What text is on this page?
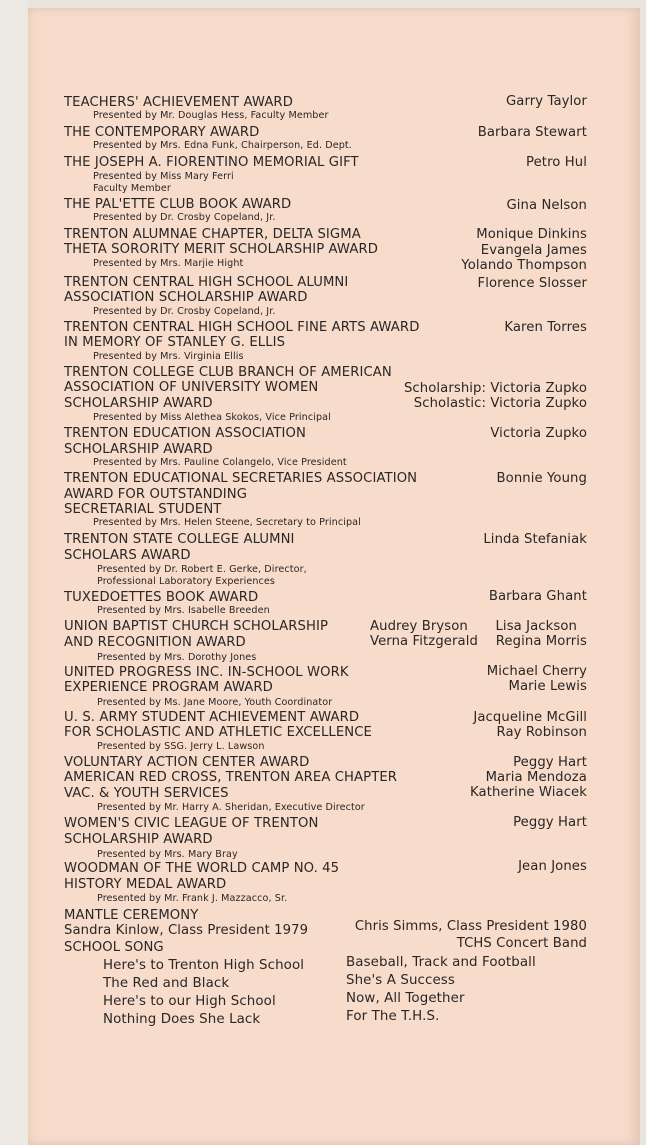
TEACHERS' ACHIEVEMENT AWARD
Presented by Mr. Douglas Hess, Faculty Member
Garry Taylor
THE CONTEMPORARY AWARD
Presented by Mrs. Edna Funk, Chairperson, Ed. Dept.
Barbara Stewart
THE JOSEPH A. FIORENTINO MEMORIAL GIFT
Presented by Miss Mary Ferri
Faculty Member
Petro Hul
THE PAL'ETTE CLUB BOOK AWARD
Presented by Dr. Crosby Copeland, Jr.
Gina Nelson
TRENTON ALUMNAE CHAPTER, DELTA SIGMA
THETA SORORITY MERIT SCHOLARSHIP AWARD
Presented by Mrs. Marjie Hight
Monique Dinkins
Evangela James
Yolando Thompson
TRENTON CENTRAL HIGH SCHOOL ALUMNI
ASSOCIATION SCHOLARSHIP AWARD
Presented by Dr. Crosby Copeland, Jr.
Florence Slosser
TRENTON CENTRAL HIGH SCHOOL FINE ARTS AWARD
IN MEMORY OF STANLEY G. ELLIS
Presented by Mrs. Virginia Ellis
Karen Torres
TRENTON COLLEGE CLUB BRANCH OF AMERICAN
ASSOCIATION OF UNIVERSITY WOMEN
SCHOLARSHIP AWARD
Presented by Miss Alethea Skokos, Vice Principal
Scholarship: Victoria Zupko
Scholastic: Victoria Zupko
TRENTON EDUCATION ASSOCIATION
SCHOLARSHIP AWARD
Presented by Mrs. Pauline Colangelo, Vice President
Victoria Zupko
TRENTON EDUCATIONAL SECRETARIES ASSOCIATION
AWARD FOR OUTSTANDING
SECRETARIAL STUDENT
Presented by Mrs. Helen Steene, Secretary to Principal
Bonnie Young
TRENTON STATE COLLEGE ALUMNI
SCHOLARS AWARD
Presented by Dr. Robert E. Gerke, Director,
Professional Laboratory Experiences
Linda Stefaniak
TUXEDOETTES BOOK AWARD
Presented by Mrs. Isabelle Breeden
Barbara Ghant
UNION BAPTIST CHURCH SCHOLARSHIP
AND RECOGNITION AWARD
Presented by Mrs. Dorothy Jones
Audrey Bryson Lisa Jackson
Verna Fitzgerald Regina Morris
UNITED PROGRESS INC. IN-SCHOOL WORK
EXPERIENCE PROGRAM AWARD
Presented by Ms. Jane Moore, Youth Coordinator
Michael Cherry
Marie Lewis
U. S. ARMY STUDENT ACHIEVEMENT AWARD
FOR SCHOLASTIC AND ATHLETIC EXCELLENCE
Presented by SSG. Jerry L. Lawson
Jacqueline McGill
Ray Robinson
VOLUNTARY ACTION CENTER AWARD
AMERICAN RED CROSS, TRENTON AREA CHAPTER
VAC. & YOUTH SERVICES
Presented by Mr. Harry A. Sheridan, Executive Director
Peggy Hart
Maria Mendoza
Katherine Wiacek
WOMEN'S CIVIC LEAGUE OF TRENTON
SCHOLARSHIP AWARD
Presented by Mrs. Mary Bray
Peggy Hart
WOODMAN OF THE WORLD CAMP NO. 45
HISTORY MEDAL AWARD
Presented by Mr. Frank J. Mazzacco, Sr.
Jean Jones
MANTLE CEREMONY
Sandra Kinlow, Class President 1979	Chris Simms, Class President 1980
SCHOOL SONG	TCHS Concert Band
Here's to Trenton High School
The Red and Black
Here's to our High School
Nothing Does She Lack
Baseball, Track and Football
She's A Success
Now, All Together
For The T.H.S.
